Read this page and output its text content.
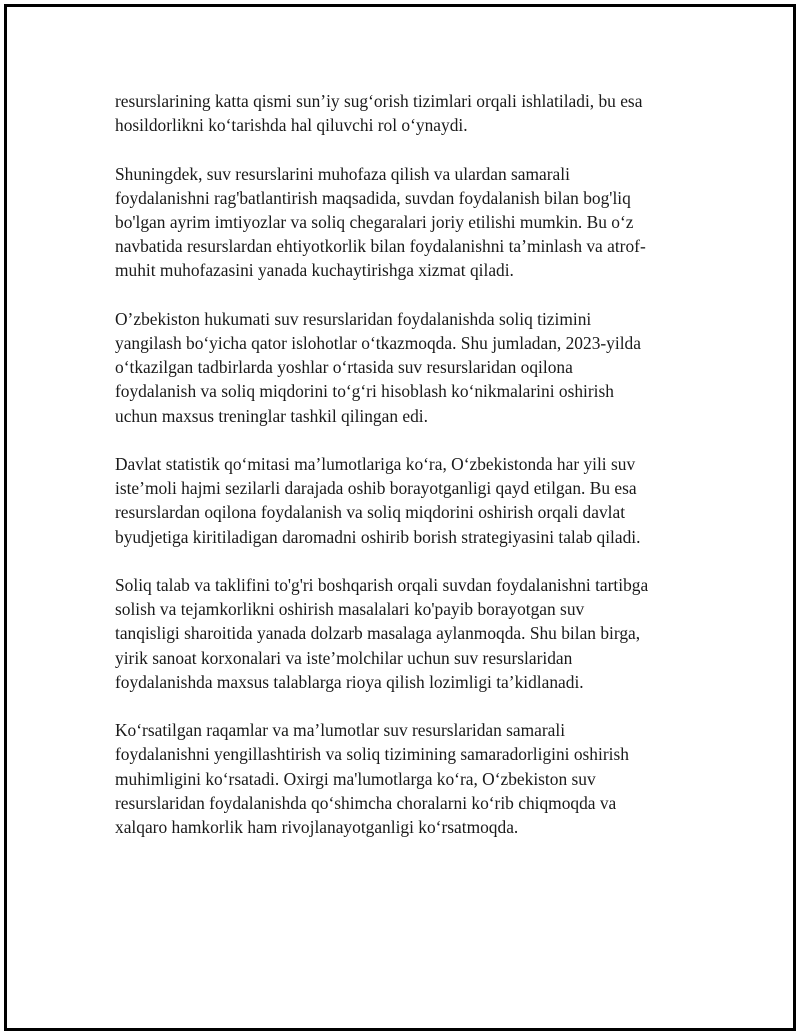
resurslarining katta qismi sun’iy sug‘orish tizimlari orqali ishlatiladi, bu esa
hosildorlikni ko‘tarishda hal qiluvchi rol o‘ynaydi.

Shuningdek, suv resurslarini muhofaza qilish va ulardan samarali
foydalanishni rag'batlantirish maqsadida, suvdan foydalanish bilan bog'liq
bo'lgan ayrim imtiyozlar va soliq chegaralari joriy etilishi mumkin. Bu o‘z
navbatida resurslardan ehtiyotkorlik bilan foydalanishni ta’minlash va atrof-
muhit muhofazasini yanada kuchaytirishga xizmat qiladi.

O’zbekiston hukumati suv resurslaridan foydalanishda soliq tizimini
yangilash bo‘yicha qator islohotlar o‘tkazmoqda. Shu jumladan, 2023-yilda
o‘tkazilgan tadbirlarda yoshlar o‘rtasida suv resurslaridan oqilona
foydalanish va soliq miqdorini to‘g‘ri hisoblash ko‘nikmalarini oshirish
uchun maxsus treninglar tashkil qilingan edi.

Davlat statistik qo‘mitasi ma’lumotlariga ko‘ra, O‘zbekistonda har yili suv
iste’moli hajmi sezilarli darajada oshib borayotganligi qayd etilgan. Bu esa
resurslardan oqilona foydalanish va soliq miqdorini oshirish orqali davlat
byudjetiga kiritiladigan daromadni oshirib borish strategiyasini talab qiladi.

Soliq talab va taklifini to'g'ri boshqarish orqali suvdan foydalanishni tartibga
solish va tejamkorlikni oshirish masalalari ko'payib borayotgan suv
tanqisligi sharoitida yanada dolzarb masalaga aylanmoqda. Shu bilan birga,
yirik sanoat korxonalari va iste’molchilar uchun suv resurslaridan
foydalanishda maxsus talablarga rioya qilish lozimligi ta’kidlanadi.

Ko‘rsatilgan raqamlar va ma’lumotlar suv resurslaridan samarali
foydalanishni yengillashtirish va soliq tizimining samaradorligini oshirish
muhimligini ko‘rsatadi. Oxirgi ma'lumotlarga ko‘ra, O‘zbekiston suv
resurslaridan foydalanishda qo‘shimcha choralarni ko‘rib chiqmoqda va
xalqaro hamkorlik ham rivojlanayotganligi ko‘rsatmoqda.
